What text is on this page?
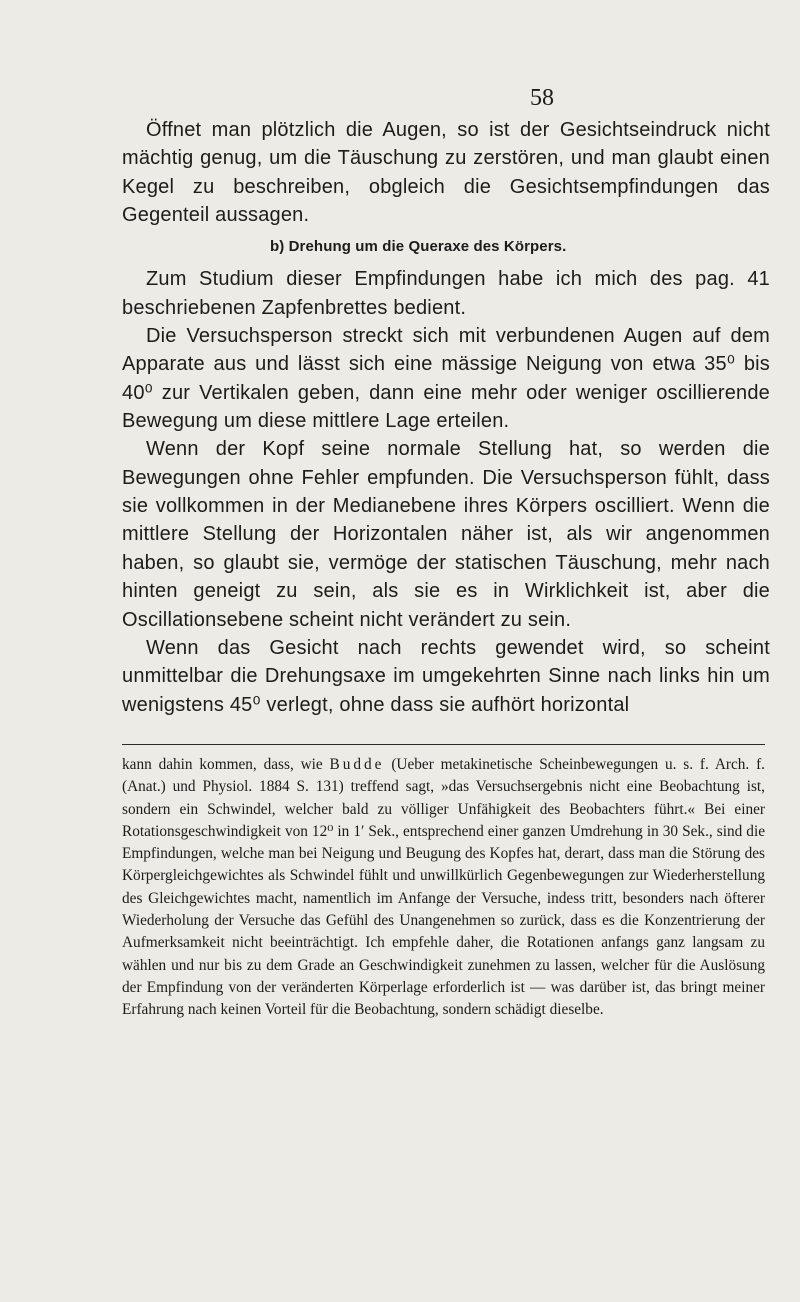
58

Öffnet man plötzlich die Augen, so ist der Gesichtseindruck nicht mächtig genug, um die Täuschung zu zerstören, und man glaubt einen Kegel zu beschreiben, obgleich die Gesichtsempfindungen das Gegenteil aussagen.

b) Drehung um die Queraxe des Körpers.

Zum Studium dieser Empfindungen habe ich mich des pag. 41 beschriebenen Zapfenbrettes bedient.

Die Versuchsperson streckt sich mit verbundenen Augen auf dem Apparate aus und lässt sich eine mässige Neigung von etwa 35⁰ bis 40⁰ zur Vertikalen geben, dann eine mehr oder weniger oscillierende Bewegung um diese mittlere Lage erteilen.

Wenn der Kopf seine normale Stellung hat, so werden die Bewegungen ohne Fehler empfunden. Die Versuchsperson fühlt, dass sie vollkommen in der Medianebene ihres Körpers oscilliert. Wenn die mittlere Stellung der Horizontalen näher ist, als wir angenommen haben, so glaubt sie, vermöge der statischen Täuschung, mehr nach hinten geneigt zu sein, als sie es in Wirklichkeit ist, aber die Oscillationsebene scheint nicht verändert zu sein.

Wenn das Gesicht nach rechts gewendet wird, so scheint unmittelbar die Drehungsaxe im umgekehrten Sinne nach links hin um wenigstens 45⁰ verlegt, ohne dass sie aufhört horizontal

kann dahin kommen, dass, wie Budde (Ueber metakinetische Scheinbewegungen u. s. f. Arch. f. (Anat.) und Physiol. 1884 S. 131) treffend sagt, »das Versuchsergebnis nicht eine Beobachtung ist, sondern ein Schwindel, welcher bald zu völliger Unfähigkeit des Beobachters führt.« Bei einer Rotationsgeschwindigkeit von 12⁰ in 1′ Sek., entsprechend einer ganzen Umdrehung in 30 Sek., sind die Empfindungen, welche man bei Neigung und Beugung des Kopfes hat, derart, dass man die Störung des Körpergleichgewichtes als Schwindel fühlt und unwillkürlich Gegenbewegungen zur Wiederherstellung des Gleichgewichtes macht, namentlich im Anfange der Versuche, indess tritt, besonders nach öfterer Wiederholung der Versuche das Gefühl des Unangenehmen so zurück, dass es die Konzentrierung der Aufmerksamkeit nicht beeinträchtigt. Ich empfehle daher, die Rotationen anfangs ganz langsam zu wählen und nur bis zu dem Grade an Geschwindigkeit zunehmen zu lassen, welcher für die Auslösung der Empfindung von der veränderten Körperlage erforderlich ist — was darüber ist, das bringt meiner Erfahrung nach keinen Vorteil für die Beobachtung, sondern schädigt dieselbe.
